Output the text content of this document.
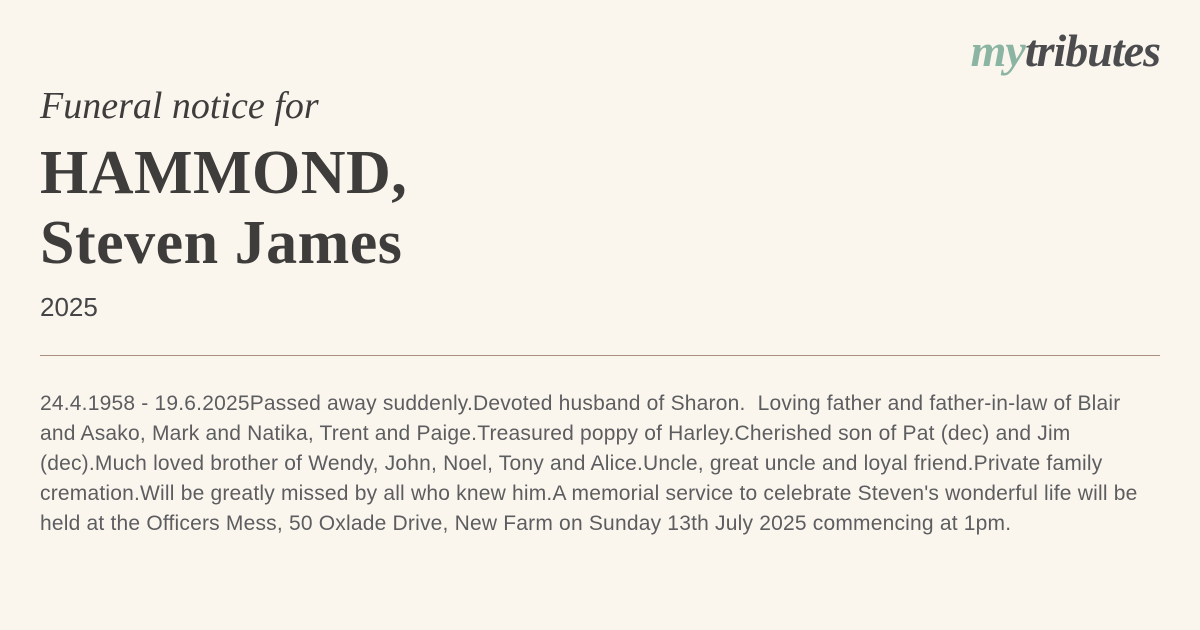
mytributes
Funeral notice for
HAMMOND,
Steven James
2025
24.4.1958 - 19.6.2025Passed away suddenly.Devoted husband of Sharon.  Loving father and father-in-law of Blair and Asako, Mark and Natika, Trent and Paige.Treasured poppy of Harley.Cherished son of Pat (dec) and Jim (dec).Much loved brother of Wendy, John, Noel, Tony and Alice.Uncle, great uncle and loyal friend.Private family cremation.Will be greatly missed by all who knew him.A memorial service to celebrate Steven's wonderful life will be held at the Officers Mess, 50 Oxlade Drive, New Farm on Sunday 13th July 2025 commencing at 1pm.
